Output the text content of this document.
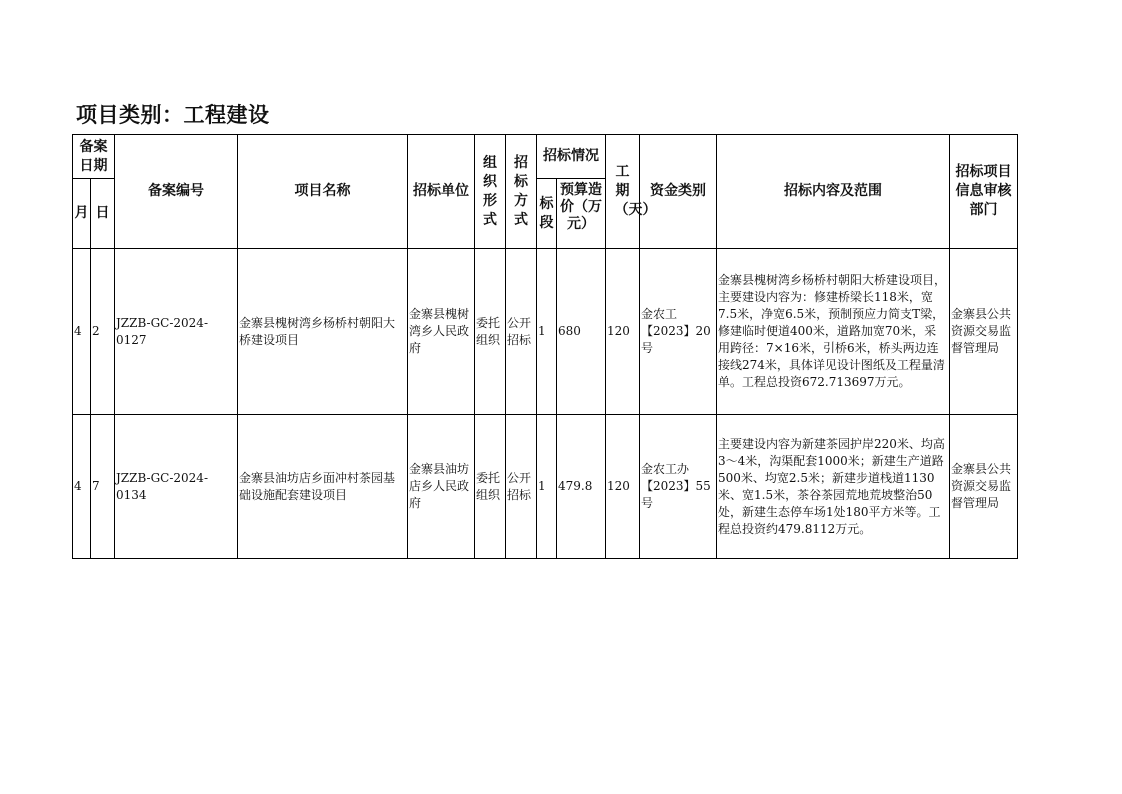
项目类别：工程建设
备案日期		备案编号	项目名称	招标单位	组织形式	招标方式	招标情况		工期（天）	资金类别	招标内容及范围	招标项目信息审核部门
月	日						标段	预算造价（万元）				

4	2	JZZB-GC-2024-0127	金寨县槐树湾乡杨桥村朝阳大桥建设项目	金寨县槐树湾乡人民政府	委托组织	公开招标	1	680	120	金农工【2023】20号	金寨县槐树湾乡杨桥村朝阳大桥建设项目，主要建设内容为：修建桥梁长118米，宽7.5米，净宽6.5米，预制预应力简支T梁，修建临时便道400米，道路加宽70米，采用跨径：7×16米，引桥6米，桥头两边连接线274米，具体详见设计图纸及工程量清单。工程总投资672.713697万元。	金寨县公共资源交易监督管理局
4	7	JZZB-GC-2024-0134	金寨县油坊店乡面冲村茶园基础设施配套建设项目	金寨县油坊店乡人民政府	委托组织	公开招标	1	479.8	120	金农工办【2023】55号	主要建设内容为新建茶园护岸220米、均高3～4米，沟渠配套1000米；新建生产道路500米、均宽2.5米；新建步道栈道1130米、宽1.5米，茶谷茶园荒地荒坡整治50处，新建生态停车场1处180平方米等。工程总投资约479.8112万元。	金寨县公共资源交易监督管理局
